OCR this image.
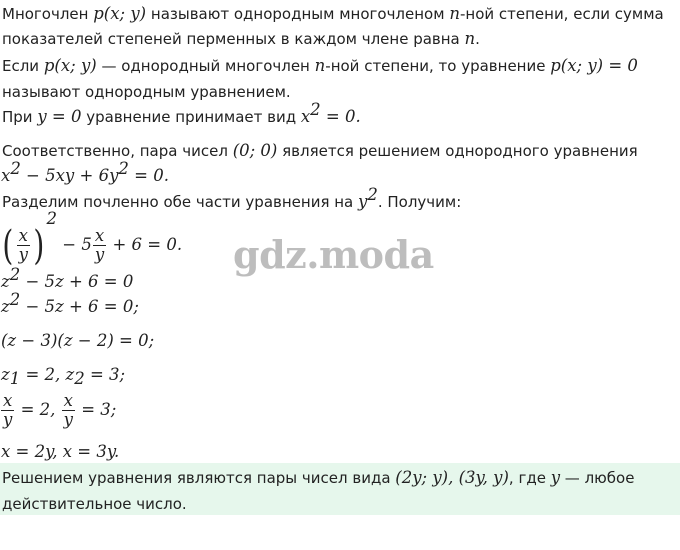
gdz.moda
Многочлен p(x; y) называют однородным многочленом n-ной степени, если сумма
показателей степеней перменных в каждом члене равна n.
Если p(x; y) — однородный многочлен n-ной степени, то уравнение p(x; y) = 0
называют однородным уравнением.
При y = 0 уравнение принимает вид $x^2 = 0$.
Соответственно, пара чисел (0; 0) является решением однородного уравнения
$x^2 - 5xy + 6y^2 = 0$.
Разделим почленно обе части уравнения на $y^2$. Получим:
( $\frac{x}{y} )^2 - 5 \frac{x}{y} + 6 = 0$.
$z^2 - 5z + 6 = 0$
$z^2 - 5z + 6 = 0$;
(z − 3)(z − 2) = 0;
$z_1 = 2$, $z_2 = 3$;
$\frac{x}{y} = 2$, $\frac{x}{y} = 3$;
x = 2y, x = 3y.
Решением уравнения являются пары чисел вида (2y; y), (3y, y), где y — любое
действительное число.
